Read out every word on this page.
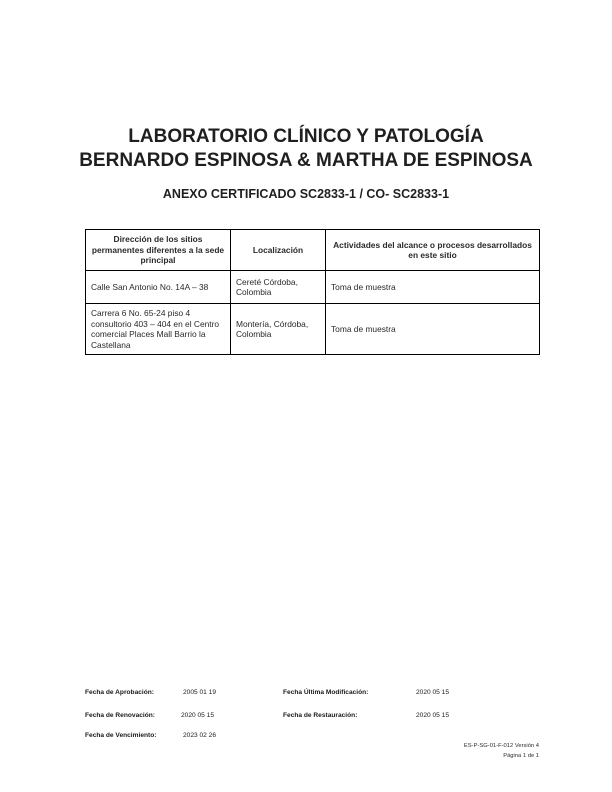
LABORATORIO CLÍNICO Y PATOLOGÍA
BERNARDO ESPINOSA & MARTHA DE ESPINOSA
ANEXO CERTIFICADO SC2833-1 / CO- SC2833-1
Dirección de los sitios permanentes diferentes a la sede principal	Localización	Actividades del alcance o procesos desarrollados en este sitio
Calle San Antonio No. 14A – 38	Cereté Córdoba, Colombia	Toma de muestra
Carrera 6 No. 65-24 piso 4 consultorio 403 – 404 en el Centro comercial Places Mall Barrio la Castellana	Montería, Córdoba, Colombia	Toma de muestra
Fecha de Aprobación:	2005 01 19	Fecha Última Modificación:	2020 05 15
Fecha de Renovación:	2020 05 15	Fecha de Restauración:	2020 05 15
Fecha de Vencimiento:	2023 02 26
ES-P-SG-01-F-012 Versión 4
Página 1 de 1
